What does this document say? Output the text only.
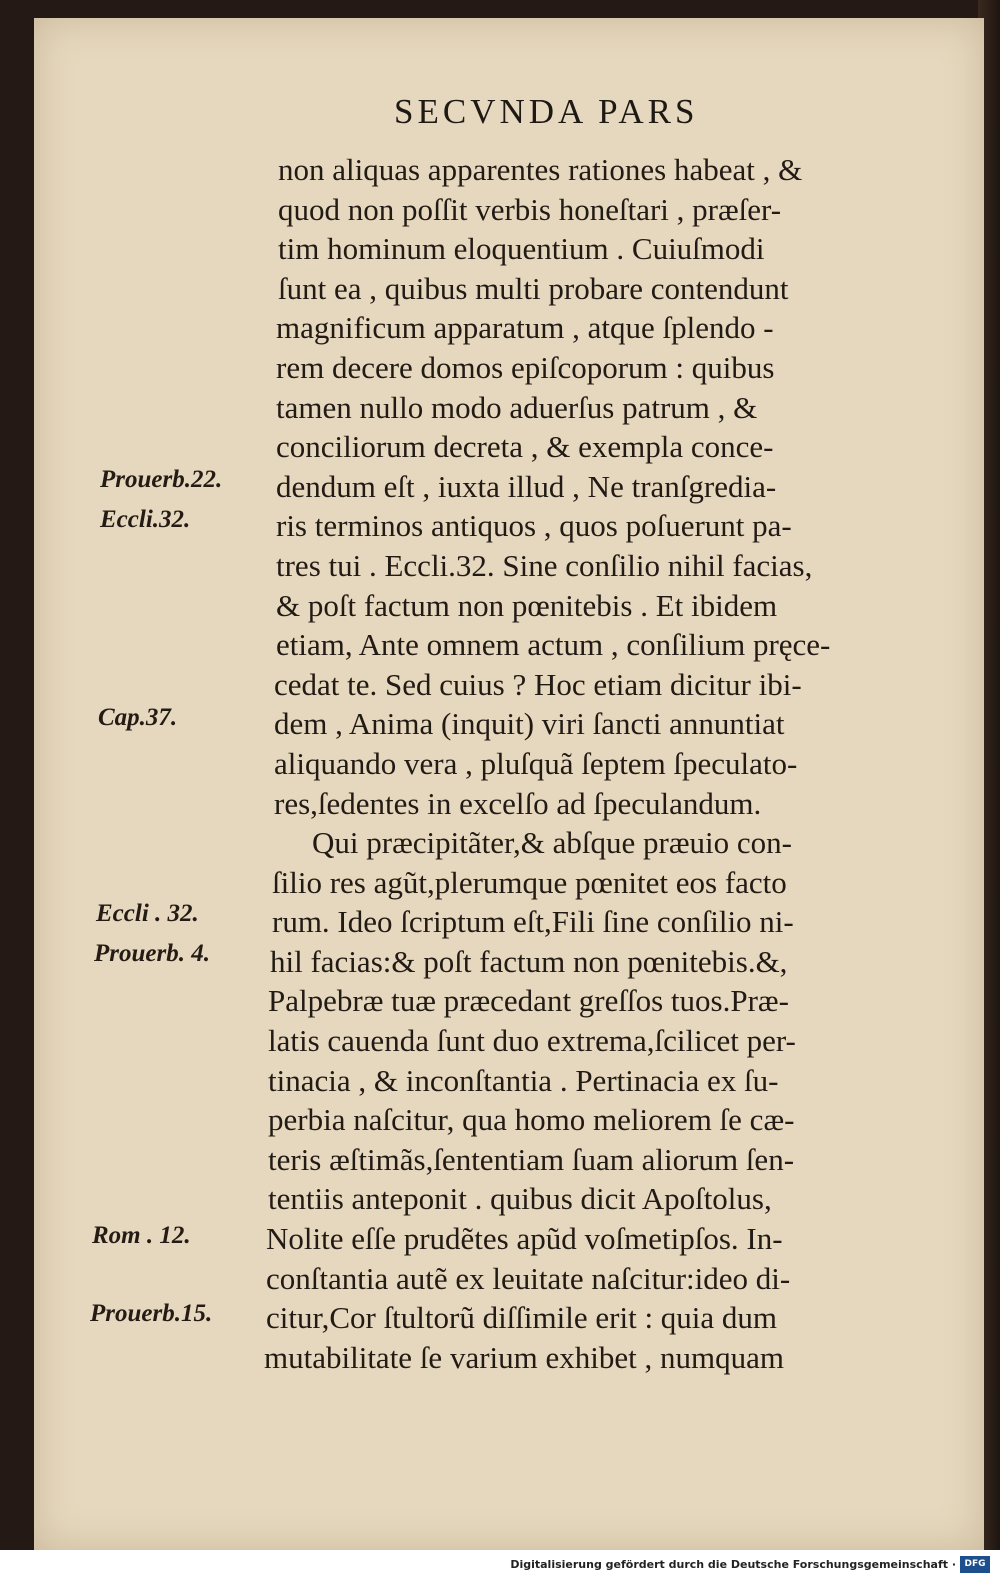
SECVNDA PARS
non aliquas apparentes rationes habeat , &
quod non poſſit verbis honeſtari , præſer-
tim hominum eloquentium . Cuiuſmodi
ſunt ea , quibus multi probare contendunt
magnificum apparatum , atque ſplendo -
rem decere domos epiſcoporum : quibus
tamen nullo modo aduerſus patrum , &
conciliorum decreta , & exempla conce-
dendum eſt , iuxta illud , Ne tranſgredia-
ris terminos antiquos , quos poſuerunt pa-
tres tui . Eccli.32. Sine conſilio nihil facias,
& poſt factum non pœnitebis . Et ibidem
etiam, Ante omnem actum , conſilium pręce-
cedat te. Sed cuius ? Hoc etiam dicitur ibi-
dem , Anima (inquit) viri ſancti annuntiat
aliquando vera , pluſquã ſeptem ſpeculato-
res,ſedentes in excelſo ad ſpeculandum.
Qui præcipitãter,& abſque præuio con-
ſilio res agũt,plerumque pœnitet eos facto
rum. Ideo ſcriptum eſt,Fili ſine conſilio ni-
hil facias:& poſt factum non pœnitebis.&,
Palpebræ tuæ præcedant greſſos tuos.Præ-
latis cauenda ſunt duo extrema,ſcilicet per-
tinacia , & inconſtantia . Pertinacia ex ſu-
perbia naſcitur, qua homo meliorem ſe cæ-
teris æſtimãs,ſententiam ſuam aliorum ſen-
tentiis anteponit . quibus dicit Apoſtolus,
Nolite eſſe prudẽtes apũd voſmetipſos. In-
conſtantia autẽ ex leuitate naſcitur:ideo di-
citur,Cor ſtultorũ diſſimile erit : quia dum
mutabilitate ſe varium exhibet , numquam
Prouerb.22.
Eccli.32.
Cap.37.
Eccli . 32.
Prouerb. 4.
Rom . 12.
Prouerb.15.
Digitalisierung gefördert durch die Deutsche Forschungsgemeinschaft · DFG
